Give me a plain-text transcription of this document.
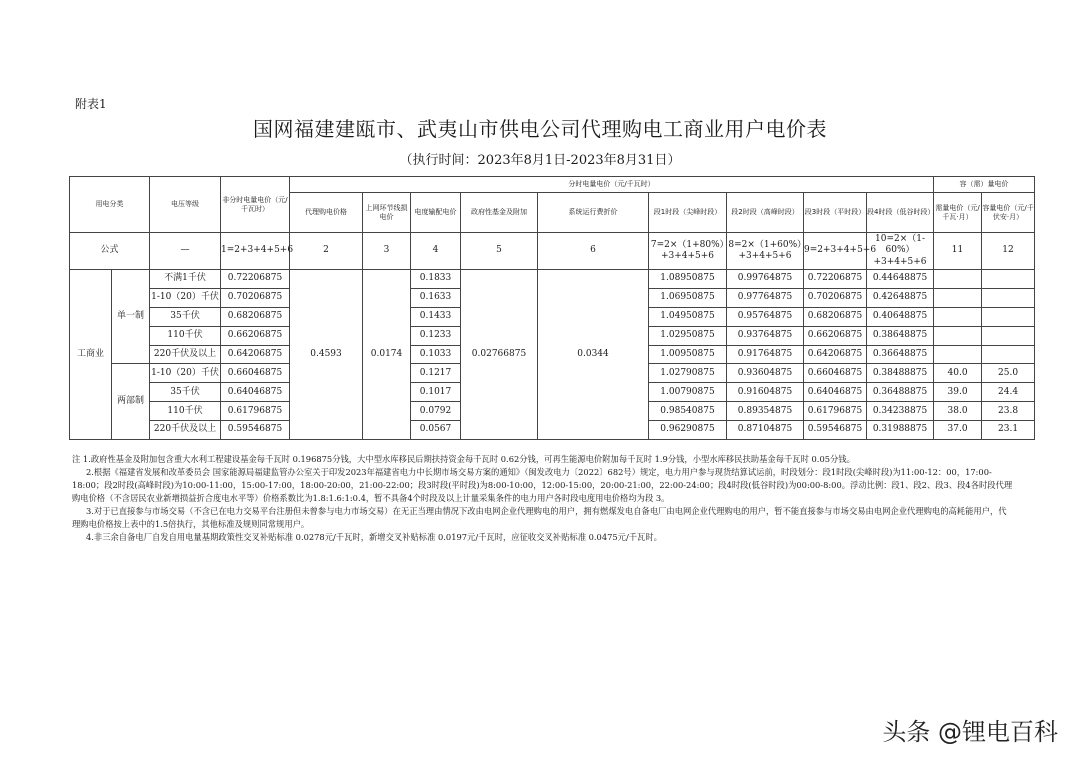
附表1
国网福建建瓯市、武夷山市供电公司代理购电工商业用户电价表
（执行时间：2023年8月1日-2023年8月31日）
用电分类		电压等级	非分时电量电价（元/千瓦时）	分时电量电价（元/千瓦时）									容（需）量电价	
				代理购电价格	上网环节线损电价	电度输配电价	政府性基金及附加	系统运行费折价	段1时段（尖峰时段）	段2时段（高峰时段）	段3时段（平时段）	段4时段（低谷时段）	需量电价（元/千瓦·月）	容量电价（元/千伏安·月）
公式		—	1=2+3+4+5+6	2	3	4	5	6	7=2×（1+80%）+3+4+5+6	8=2×（1+60%）+3+4+5+6	9=2+3+4+5+6	10=2×（1-60%）+3+4+5+6	11	12
工商业	单一制	不满1千伏	0.72206875	0.4593	0.0174	0.1833	0.02766875	0.0344	1.08950875	0.99764875	0.72206875	0.44648875		
		1-10（20）千伏	0.70206875			0.1633			1.06950875	0.97764875	0.70206875	0.42648875		
		35千伏	0.68206875			0.1433			1.04950875	0.95764875	0.68206875	0.40648875		
		110千伏	0.66206875			0.1233			1.02950875	0.93764875	0.66206875	0.38648875		
		220千伏及以上	0.64206875			0.1033			1.00950875	0.91764875	0.64206875	0.36648875		
	两部制	1-10（20）千伏	0.66046875			0.1217			1.02790875	0.93604875	0.66046875	0.38488875	40.0	25.0
		35千伏	0.64046875			0.1017			1.00790875	0.91604875	0.64046875	0.36488875	39.0	24.4
		110千伏	0.61796875			0.0792			0.98540875	0.89354875	0.61796875	0.34238875	38.0	23.8
		220千伏及以上	0.59546875			0.0567			0.96290875	0.87104875	0.59546875	0.31988875	37.0	23.1

注 1.政府性基金及附加包含重大水利工程建设基金每千瓦时 0.196875分钱，大中型水库移民后期扶持资金每千瓦时 0.62分钱，可再生能源电价附加每千瓦时 1.9分钱，小型水库移民扶助基金每千瓦时 0.05分钱。

2.根据《福建省发展和改革委员会 国家能源局福建监管办公室关于印发2023年福建省电力中长期市场交易方案的通知》（闽发改电力〔2022〕682号）规定，电力用户参与现货结算试运前，时段划分：段1时段(尖峰时段)为11:00-12：00，17:00-18:00；段2时段(高峰时段)为10:00-11:00，15:00-17:00，18:00-20:00，21:00-22:00；段3时段(平时段)为8:00-10:00，12:00-15:00，20:00-21:00，22:00-24:00；段4时段(低谷时段)为00:00-8:00。浮动比例：段1、段2、段3、段4各时段代理购电价格（不含居民农业新增损益折合度电水平等）价格系数比为1.8:1.6:1:0.4，暂不具备4个时段及以上计量采集条件的电力用户各时段电度用电价格均为段 3。

3.对于已直接参与市场交易（不含已在电力交易平台注册但未曾参与电力市场交易）在无正当理由情况下改由电网企业代理购电的用户，拥有燃煤发电自备电厂由电网企业代理购电的用户，暂不能直接参与市场交易由电网企业代理购电的高耗能用户，代理购电价格按上表中的1.5倍执行，其他标准及规则同常规用户。

4.非三余自备电厂自发自用电量基期政策性交叉补贴标准 0.0278元/千瓦时，新增交叉补贴标准 0.0197元/千瓦时，应征收交叉补贴标准 0.0475元/千瓦时。

头条 @锂电百科
